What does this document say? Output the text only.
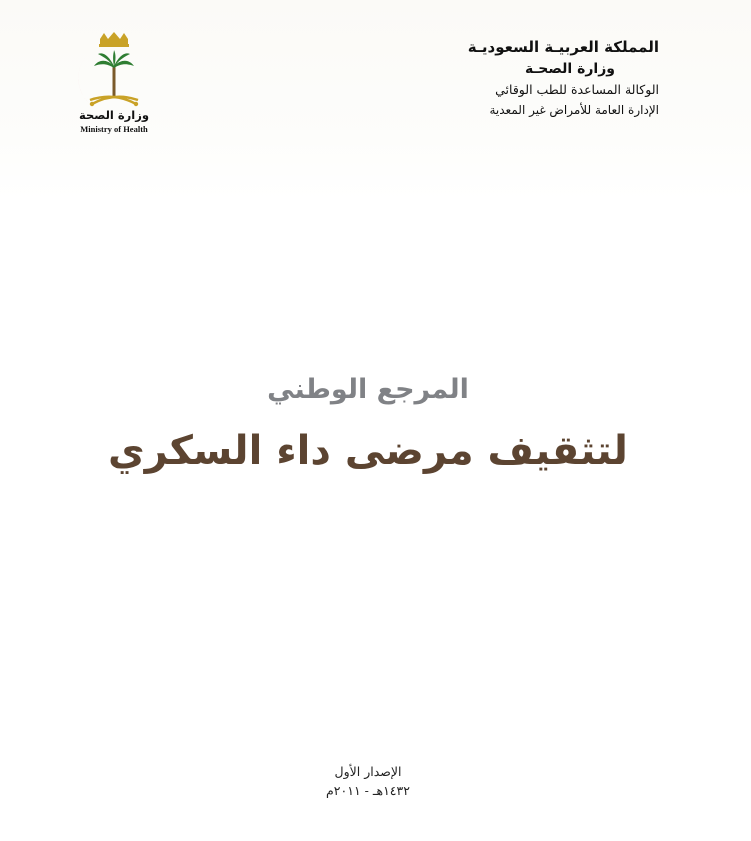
المملكة العربيـة السعوديـة
وزارة الصحـة
الوكالة المساعدة للطب الوقائي
الإدارة العامة للأمراض غير المعدية
وزارة الصحة
Ministry of Health
المرجع الوطني
لتثقيف مرضى داء السكري
الإصدار الأول
١٤٣٢هـ - ٢٠١١م
